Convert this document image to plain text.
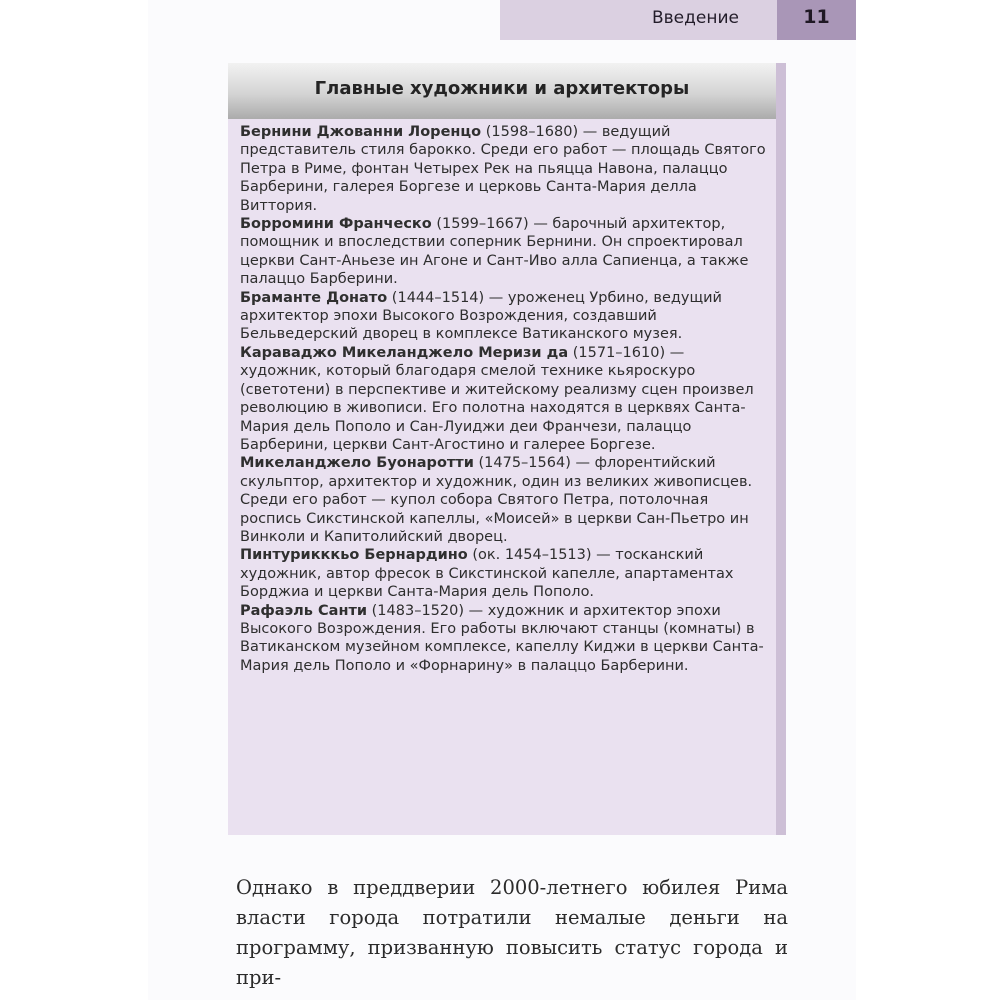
Введение	11
Главные художники и архитекторы

Бернини Джованни Лоренцо (1598–1680) — ведущий представитель стиля барокко. Среди его работ — площадь Святого Петра в Риме, фонтан Четырех Рек на пьяцца Навона, палаццо Барберини, галерея Боргезе и церковь Санта-Мария делла Виттория.

Борромини Франческо (1599–1667) — барочный архитектор, помощник и впоследствии соперник Бернини. Он спроектировал церкви Сант-Аньезе ин Агоне и Сант-Иво алла Сапиенца, а также палаццо Барберини.

Браманте Донато (1444–1514) — уроженец Урбино, ведущий архитектор эпохи Высокого Возрождения, создавший Бельведерский дворец в комплексе Ватиканского музея.

Караваджо Микеланджело Меризи да (1571–1610) — художник, который благодаря смелой технике кьяроскуро (светотени) в перспективе и житейскому реализму сцен произвел революцию в живописи. Его полотна находятся в церквях Санта-Мария дель Пополо и Сан-Луиджи деи Франчези, палаццо Барберини, церкви Сант-Агостино и галерее Боргезе.

Микеланджело Буонаротти (1475–1564) — флорентийский скульптор, архитектор и художник, один из великих живописцев. Среди его работ — купол собора Святого Петра, потолочная роспись Сикстинской капеллы, «Моисей» в церкви Сан-Пьетро ин Винколи и Капитолийский дворец.

Пинтурикккьо Бернардино (ок. 1454–1513) — тосканский художник, автор фресок в Сикстинской капелле, апартаментах Борджиа и церкви Санта-Мария дель Пополо.

Рафаэль Санти (1483–1520) — художник и архитектор эпохи Высокого Возрождения. Его работы включают станцы (комнаты) в Ватиканском музейном комплексе, капеллу Киджи в церкви Санта-Мария дель Пополо и «Форнарину» в палаццо Барберини.

Однако в преддверии 2000-летнего юбилея Рима власти города потратили немалые деньги на программу, призванную повысить статус города и при-
